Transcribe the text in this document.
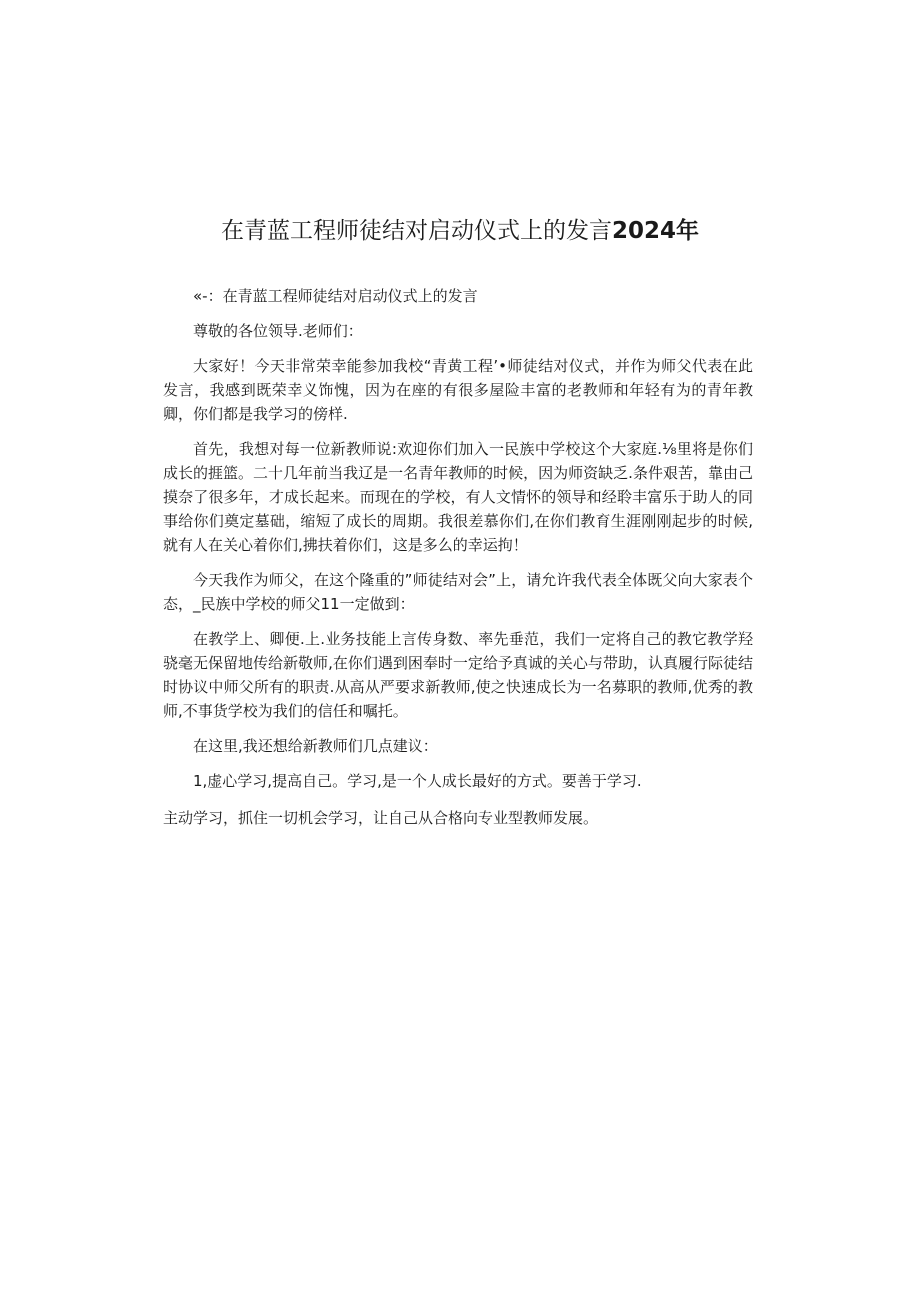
在青蓝工程师徒结对启动仪式上的发言2024年

«-：在青蓝工程师徒结对启动仪式上的发言

尊敬的各位领导.老师们：

大家好！今天非常荣幸能参加我校“青黄工程’•师徒结对仪式，并作为师父代表在此发言，我感到既荣幸义饰愧，因为在座的有很多屋险丰富的老教师和年轻有为的青年教卿，你们都是我学习的傍样.

首先，我想对每一位新教师说:欢迎你们加入一民族中学校这个大家庭.⅛里将是你们成长的捱篮。二十几年前当我辽是一名青年教师的时候，因为师资缺乏.条件艰苦，靠由己摸奈了很多年，才成长起来。而现在的学校，有人文情怀的领导和经聆丰富乐于助人的同事给你们奠定墓础，缩短了成长的周期。我很差慕你们,在你们教育生涯刚刚起步的时候,就有人在关心着你们,拂扶着你们，这是多么的幸运拘！

今天我作为师父，在这个隆重的”师徒结对会”上，请允许我代表全体既父向大家表个态，_民族中学校的师父11一定做到：

在教学上、卿便.上.业务技能上言传身数、率先垂范，我们一定将自己的教它教学羟骁毫无保留地传给新敬师,在你们遇到困奉时一定给予真诚的关心与带助，认真履行际徒结时协议中师父所有的职责.从高从严要求新教师,使之快速成长为一名募职的教师,优秀的教师,不事货学校为我们的信任和嘱托。

在这里,我还想给新教师们几点建议：

1,虚心学习,提高自己。学习,是一个人成长最好的方式。要善于学习.

主动学习，抓住一切机会学习，让自己从合格向专业型教师发展。
